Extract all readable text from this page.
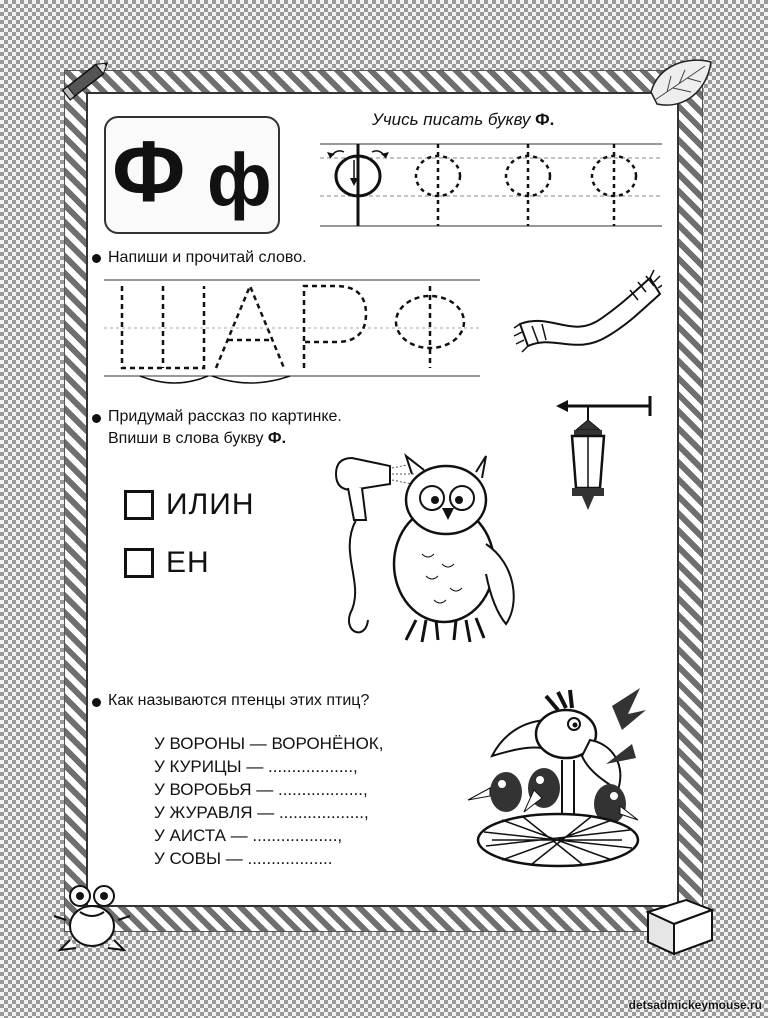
Ф ф
Учись писать букву Ф.
Напиши и прочитай слово.
Придумай рассказ по картинке.
Впиши в слова букву Ф.
ИЛИН
ЕН
Как называются птенцы этих птиц?
У ВОРОНЫ — ВОРОНЁНОК,
У КУРИЦЫ — ..................,
У ВОРОБЬЯ — ..................,
У ЖУРАВЛЯ — ..................,
У АИСТА — ..................,
У СОВЫ — ..................
detsadmickeymouse.ru
